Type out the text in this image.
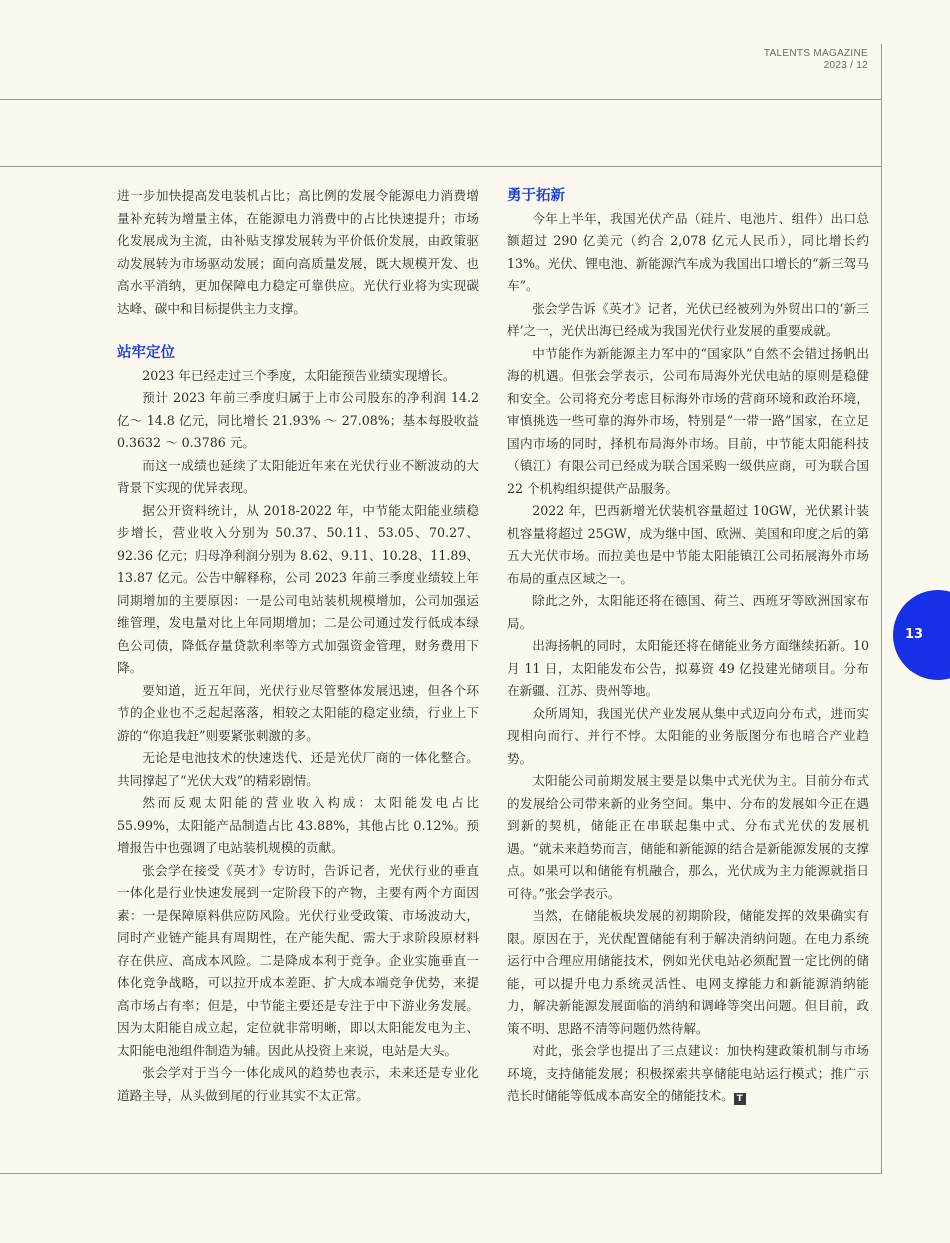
TALENTS MAGAZINE
2023 / 12

进一步加快提高发电装机占比；高比例的发展令能源电力消费增量补充转为增量主体，在能源电力消费中的占比快速提升；市场化发展成为主流，由补贴支撑发展转为平价低价发展，由政策驱动发展转为市场驱动发展；面向高质量发展，既大规模开发、也高水平消纳，更加保障电力稳定可靠供应。光伏行业将为实现碳达峰、碳中和目标提供主力支撑。

站牢定位

2023 年已经走过三个季度，太阳能预告业绩实现增长。

预计 2023 年前三季度归属于上市公司股东的净利润 14.2 亿～ 14.8 亿元，同比增长 21.93% ～ 27.08%；基本每股收益 0.3632 ～ 0.3786 元。

而这一成绩也延续了太阳能近年来在光伏行业不断波动的大背景下实现的优异表现。

据公开资料统计，从 2018-2022 年，中节能太阳能业绩稳步增长，营业收入分别为 50.37、50.11、53.05、70.27、92.36 亿元；归母净利润分别为 8.62、9.11、10.28、11.89、13.87 亿元。公告中解释称，公司 2023 年前三季度业绩较上年同期增加的主要原因：一是公司电站装机规模增加，公司加强运维管理，发电量对比上年同期增加；二是公司通过发行低成本绿色公司债，降低存量贷款利率等方式加强资金管理，财务费用下降。

要知道，近五年间，光伏行业尽管整体发展迅速，但各个环节的企业也不乏起起落落，相较之太阳能的稳定业绩，行业上下游的“你追我赶”则要紧张刺激的多。

无论是电池技术的快速迭代、还是光伏厂商的一体化整合。共同撑起了“光伏大戏”的精彩剧情。

然而反观太阳能的营业收入构成：太阳能发电占比 55.99%，太阳能产品制造占比 43.88%，其他占比 0.12%。预增报告中也强调了电站装机规模的贡献。

张会学在接受《英才》专访时，告诉记者，光伏行业的垂直一体化是行业快速发展到一定阶段下的产物，主要有两个方面因素：一是保障原料供应防风险。光伏行业受政策、市场波动大，同时产业链产能具有周期性，在产能失配、需大于求阶段原材料存在供应、高成本风险。二是降成本利于竞争。企业实施垂直一体化竞争战略，可以拉开成本差距、扩大成本端竞争优势，来提高市场占有率；但是，中节能主要还是专注于中下游业务发展。因为太阳能自成立起，定位就非常明晰，即以太阳能发电为主、太阳能电池组件制造为辅。因此从投资上来说，电站是大头。

张会学对于当今一体化成风的趋势也表示，未来还是专业化道路主导，从头做到尾的行业其实不太正常。

勇于拓新

今年上半年，我国光伏产品（硅片、电池片、组件）出口总额超过 290 亿美元（约合 2,078 亿元人民币），同比增长约 13%。光伏、锂电池、新能源汽车成为我国出口增长的“新三驾马车”。

张会学告诉《英才》记者，光伏已经被列为外贸出口的‘新三样’之一，光伏出海已经成为我国光伏行业发展的重要成就。

中节能作为新能源主力军中的“国家队”自然不会错过扬帆出海的机遇。但张会学表示，公司布局海外光伏电站的原则是稳健和安全。公司将充分考虑目标海外市场的营商环境和政治环境，审慎挑选一些可靠的海外市场，特别是“一带一路”国家，在立足国内市场的同时，择机布局海外市场。目前，中节能太阳能科技（镇江）有限公司已经成为联合国采购一级供应商，可为联合国 22 个机构组织提供产品服务。

2022 年，巴西新增光伏装机容量超过 10GW，光伏累计装机容量将超过 25GW，成为继中国、欧洲、美国和印度之后的第五大光伏市场。而拉美也是中节能太阳能镇江公司拓展海外市场布局的重点区域之一。

除此之外，太阳能还将在德国、荷兰、西班牙等欧洲国家布局。

出海扬帆的同时，太阳能还将在储能业务方面继续拓新。10 月 11 日，太阳能发布公告，拟募资 49 亿投建光储项目。分布在新疆、江苏、贵州等地。

众所周知，我国光伏产业发展从集中式迈向分布式，进而实现相向而行、并行不悖。太阳能的业务版图分布也暗合产业趋势。

太阳能公司前期发展主要是以集中式光伏为主。目前分布式的发展给公司带来新的业务空间。集中、分布的发展如今正在遇到新的契机，储能正在串联起集中式、分布式光伏的发展机遇。“就未来趋势而言，储能和新能源的结合是新能源发展的支撑点。如果可以和储能有机融合，那么，光伏成为主力能源就指日可待。”张会学表示。

当然，在储能板块发展的初期阶段，储能发挥的效果确实有限。原因在于，光伏配置储能有利于解决消纳问题。在电力系统运行中合理应用储能技术，例如光伏电站必须配置一定比例的储能，可以提升电力系统灵活性、电网支撑能力和新能源消纳能力，解决新能源发展面临的消纳和调峰等突出问题。但目前，政策不明、思路不清等问题仍然待解。

对此，张会学也提出了三点建议：加快构建政策机制与市场环境，支持储能发展；积极探索共享储能电站运行模式；推广示范长时储能等低成本高安全的储能技术。 T

13
